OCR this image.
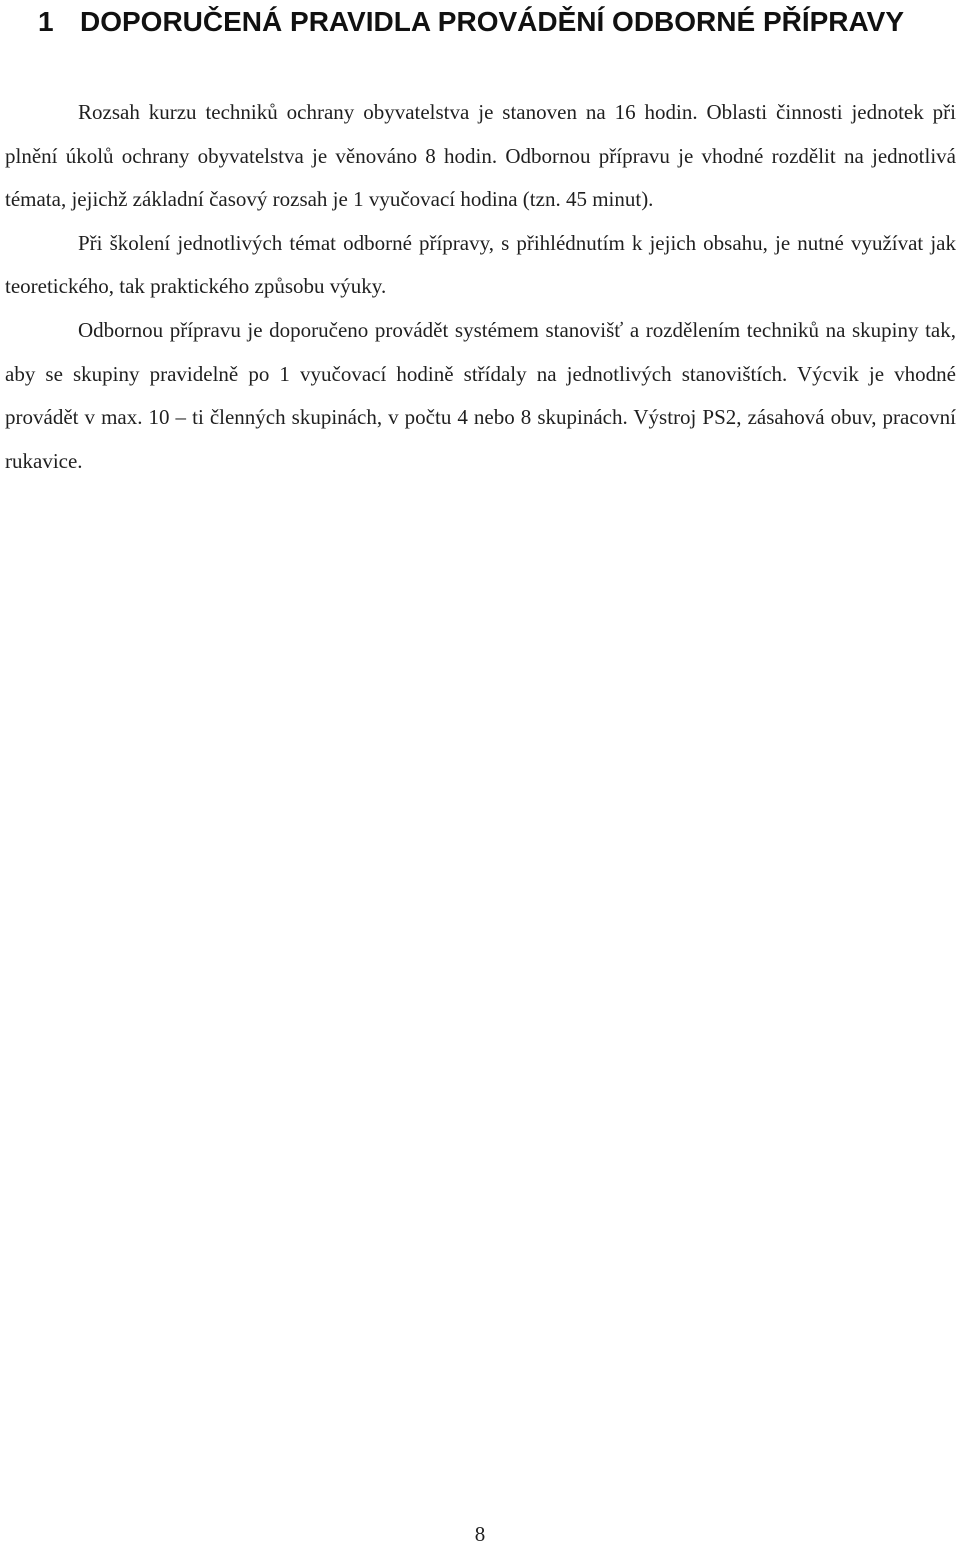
1 DOPORUČENÁ PRAVIDLA PROVÁDĚNÍ ODBORNÉ PŘÍPRAVY

Rozsah kurzu techniků ochrany obyvatelstva je stanoven na 16 hodin. Oblasti činnosti jednotek při plnění úkolů ochrany obyvatelstva je věnováno 8 hodin. Odbornou přípravu je vhodné rozdělit na jednotlivá témata, jejichž základní časový rozsah je 1 vyučovací hodina (tzn. 45 minut).

Při školení jednotlivých témat odborné přípravy, s přihlédnutím k jejich obsahu, je nutné využívat jak teoretického, tak praktického způsobu výuky.

Odbornou přípravu je doporučeno provádět systémem stanovišť a rozdělením techniků na skupiny tak, aby se skupiny pravidelně po 1 vyučovací hodině střídaly na jednotlivých stanovištích. Výcvik je vhodné provádět v max. 10 – ti členných skupinách, v počtu 4 nebo 8 skupinách. Výstroj PS2, zásahová obuv, pracovní rukavice.

8
